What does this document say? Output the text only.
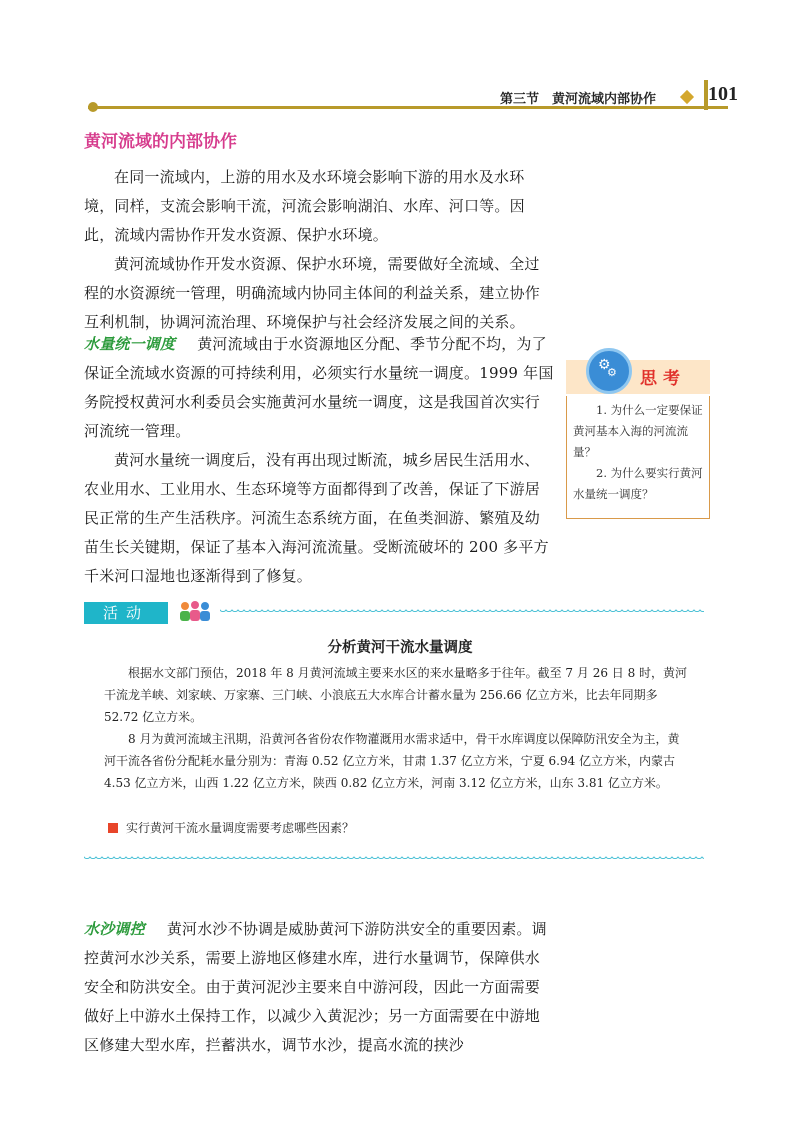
第三节　黄河流域内部协作	101
黄河流域的内部协作

在同一流域内，上游的用水及水环境会影响下游的用水及水环境，同样，支流会影响干流，河流会影响湖泊、水库、河口等。因此，流域内需协作开发水资源、保护水环境。

黄河流域协作开发水资源、保护水环境，需要做好全流域、全过程的水资源统一管理，明确流域内协同主体间的利益关系，建立协作互利机制，协调河流治理、环境保护与社会经济发展之间的关系。

水量统一调度 黄河流域由于水资源地区分配、季节分配不均，为了保证全流域水资源的可持续利用，必须实行水量统一调度。1999 年国务院授权黄河水利委员会实施黄河水量统一调度，这是我国首次实行河流统一管理。

黄河水量统一调度后，没有再出现过断流，城乡居民生活用水、农业用水、工业用水、生态环境等方面都得到了改善，保证了下游居民正常的生产生活秩序。河流生态系统方面，在鱼类洄游、繁殖及幼苗生长关键期，保证了基本入海河流流量。受断流破坏的 200 多平方千米河口湿地也逐渐得到了修复。

⚙
⚙ 思考

1. 为什么一定要保证黄河基本入海的河流流量？

2. 为什么要实行黄河水量统一调度？

活动
分析黄河干流水量调度

根据水文部门预估，2018 年 8 月黄河流域主要来水区的来水量略多于往年。截至 7 月 26 日 8 时，黄河干流龙羊峡、刘家峡、万家寨、三门峡、小浪底五大水库合计蓄水量为 256.66 亿立方米，比去年同期多 52.72 亿立方米。

8 月为黄河流域主汛期，沿黄河各省份农作物灌溉用水需求适中，骨干水库调度以保障防汛安全为主，黄河干流各省份分配耗水量分别为：青海 0.52 亿立方米，甘肃 1.37 亿立方米，宁夏 6.94 亿立方米，内蒙古 4.53 亿立方米，山西 1.22 亿立方米，陕西 0.82 亿立方米，河南 3.12 亿立方米，山东 3.81 亿立方米。

实行黄河干流水量调度需要考虑哪些因素？

水沙调控 黄河水沙不协调是威胁黄河下游防洪安全的重要因素。调控黄河水沙关系，需要上游地区修建水库，进行水量调节，保障供水安全和防洪安全。由于黄河泥沙主要来自中游河段，因此一方面需要做好上中游水土保持工作，以减少入黄泥沙；另一方面需要在中游地区修建大型水库，拦蓄洪水，调节水沙，提高水流的挟沙
